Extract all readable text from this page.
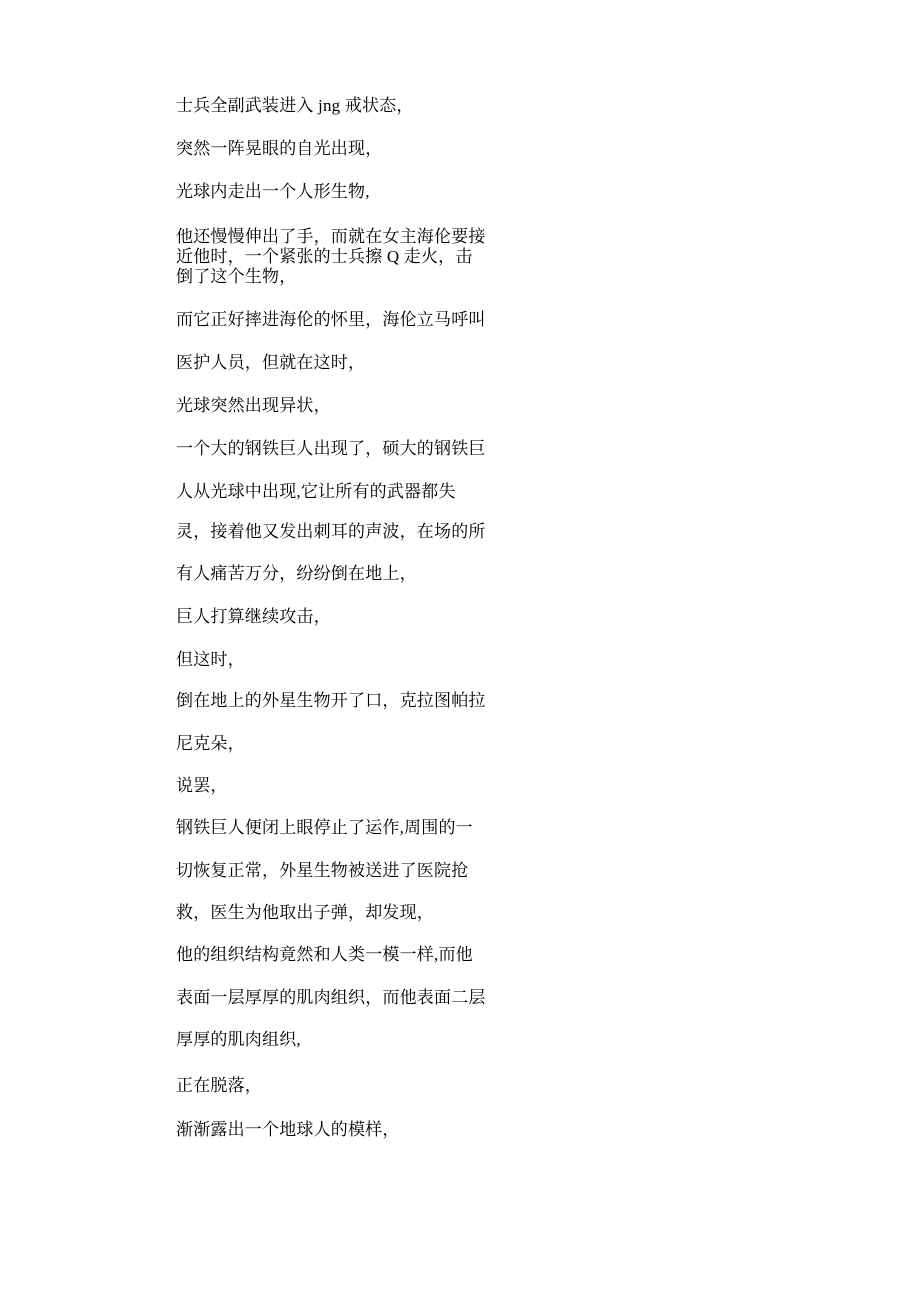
士兵全副武装进入 jng 戒状态，

突然一阵晃眼的自光出现，

光球内走出一个人形生物,

他还慢慢伸出了手，而就在女主海伦要接
近他时，一个紧张的士兵擦 Q 走火，击
倒了这个生物，

而它正好摔进海伦的怀里，海伦立马呼叫

医护人员，但就在这时，

光球突然出现异状，

一个大的钢铁巨人出现了，硕大的钢铁巨

人从光球中出现,它让所有的武器都失

灵，接着他又发出刺耳的声波，在场的所

有人痛苦万分，纷纷倒在地上，

巨人打算继续攻击，

但这时，

倒在地上的外星生物开了口，克拉图帕拉

尼克朵，

说罢，

钢铁巨人便闭上眼停止了运作,周围的一

切恢复正常，外星生物被送进了医院抢

救，医生为他取出子弹，却发现，

他的组织结构竟然和人类一模一样,而他

表面一层厚厚的肌肉组织，而他表面二层

厚厚的肌肉组织,

正在脱落，

渐渐露出一个地球人的模样，
